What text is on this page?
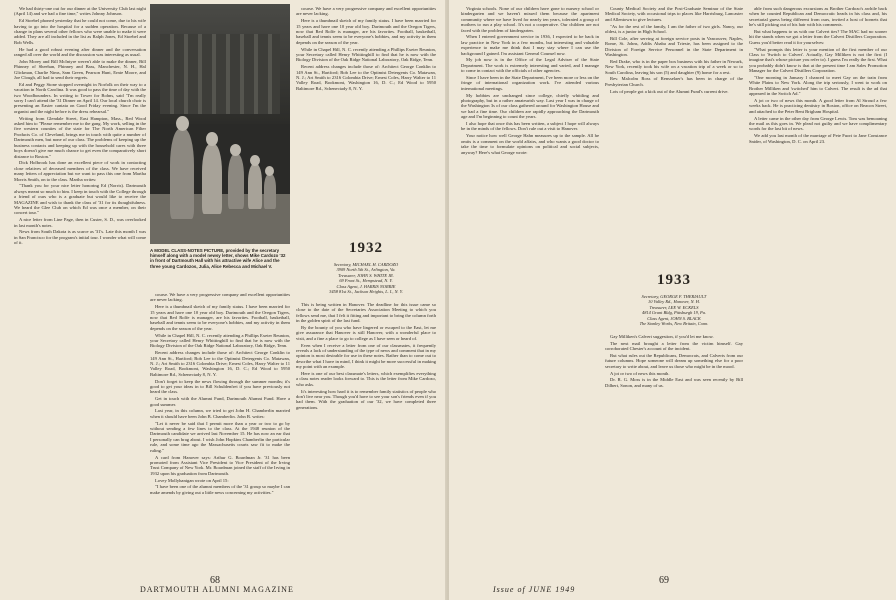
We had thirty-one out for our dinner at the University Club last night (April 14) and we had a fine time," writes Johnny Johnson.

Ed Stoebel phoned yesterday that he could not come, due to his wife having to go into the hospital for a sudden operation. Because of a change in plans several other fellows who were unable to make it were added. They are all included in the list as Ralph Jones, Ed Stoebel and Bob Wells.

He had a good robust evening after dinner and the conversation ranged all over the world and the discussion was interesting as usual.

John Morey and Bill McIntyre weren't able to make the dinner, Bill Phinney of Sheehan, Phinney and Bass, Manchester, N. H., Hal Glickman, Charlie Nims, Sam Green, Pearson Hunt, Ernie Moore, and Joe Clough, all had to send their regrets.

Ed and Peggy Stone stopped overnight in Norfolk on their way to a vacation in North Carolina. It was good to pass the time of day with the two Woodbounders. In writing to Tower for Bohns, said "I'm really sorry I can't attend the '31 Dinner on April 14. Our local church choir is presenting an Easter cantata on Good Friday evening. Since I'm the organist and the night before is the dress rehearsal."

Writing from Glendale Street, East Hampton, Mass., Red Wood asked him to "Please remember me to the gang. My work, selling in the five western counties of the state for The North American Filter Products Co. of Cleveland, brings me in touch with quite a number of Dartmouth men, but none of our class. The problems of keeping up the business contacts and keeping up with the household cares with three boys doesn't give me much chance to get even the comparatively short distance to Boston."

Dick Holbrook has done an excellent piece of work in contacting close relatives of deceased members of the class. We have received many letters of appreciation but we want to pass this one from Martha Morris Smith, on to the class. Martha writes:

"Thank you for your nice letter honoring Ed (Norris). Dartmouth always meant so much to him. I keep in touch with the College through a friend of ours who is a graduate but would like to receive the MAGAZINE and wish to thank the class of '31 for its thoughtfulness. We heard the Glee Club on which Ed was once a member, on their concert tour."

A nice letter from Line Page, then in Custer, S. D., was overlooked in last month's notes.

News from South Dakota is as scarce as '31's. Late this month I was in San Francisco for the program's initial tour. I wonder what will come of it.

A MODEL CLASS-NOTES PICTURE, provided by the secretary himself along with a model newsy letter, shows Mike Cardozo '32 in front of Dartmouth Hall with his attractive wife Alice and the three young Cardozos, Julia, Alice Rebecca and Michael V.

course. We have a very progressive company and excellent opportunities are never lacking.

Here is a thumbnail sketch of my family status. I have been married for 15 years and have one 10 year old boy. Dartmouth and the Oregon Tigers, now that Red Rolfe is manager, are his favorites. Football, basketball, baseball and tennis seem to be everyone's hobbies, and my activity in them depends on the season of the year.

While in Chapel Hill, N. C. recently attending a Phillips Exeter Reunion, your Secretary called Henry Whittinghill to find that he is now with the Biology Division of the Oak Ridge National Laboratory, Oak Ridge, Tenn.

Recent address changes include those of: Architect George Conklin to 149 Ann St., Hartford; Bob Lee to the Optimist Detergents Co. Matawan, N. J.; Art Smith to 2316 Colombia Drive; Ernest Coles, Harry Walter to 11 Valley Road, Bookmont, Washington 16, D. C.; Ed Wood to 5950 Baltimore Rd., Schenectady 8, N. Y.

Don't forget to keep the news flowing through the summer months; it's good to get your ideas in to Bill Schuldenfrei if you have previously not heard the class.

Get in touch with the Alumni Fund, Dartmouth Alumni Fund. Have a good summer.

Last year, in this column, we tried to get John H. Chamberlin married when it should have been John B. Chamberlin. John B. writes:

"Let it never be said that I permit more than a year or two to go by without sending a few lines to the class. At the 1948 reunion of the Dartmouth candidate we arrived last November 15. He has now an ear that I personally can brag about. I wish John Hopkins Chamberlin the particular rule, and some time ago the Massachusetts courts saw fit to make the ruling."

A card from Hanover says: Arthur G. Boardman Jr. '31 has been promoted from Assistant Vice President to Vice President of the Irving Trust Company of New York. Mr. Boardman joined the staff of the Irving in 1932 upon his graduation from Dartmouth.

Lovey Mollyhanigan wrote on April 15:

"I have been one of the alumni members of the '31 group so maybe I can make amends by giving out a little news concerning my activities."

course. We have a very progressive company and excellent opportunities are never lacking.

Here is a thumbnail sketch of my family status. I have been married for 15 years and have one 10 year old boy. Dartmouth and the Oregon Tigers, now that Red Rolfe is manager, are his favorites. Football, basketball, baseball and tennis seem to be everyone's hobbies, and my activity in them depends on the season of the year.

While in Chapel Hill, N. C. recently attending a Phillips Exeter Reunion, your Secretary called Henry Whittinghill to find that he is now with the Biology Division of the Oak Ridge National Laboratory, Oak Ridge, Tenn.

Recent address changes include those of: Architect George Conklin to 149 Ann St., Hartford; Bob Lee to the Optimist Detergents Co. Matawan, N. J.; Art Smith to 2316 Colombia Drive; Ernest Coles, Harry Walter to 11 Valley Road, Bookmont, Washington 16, D. C.; Ed Wood to 5950 Baltimore Rd., Schenectady 8, N. Y.

1932
Secretary, MICHAEL H. CARDOZO
3909 North 5th St., Arlington, Va.
Treasurer, JOHN S. WHITE JR.
69 Front St., Hempstead, N. Y.
Class Agent, J. HARRIS NORRIE
3458 81st St., Jackson Heights, L. I., N. Y.

This is being written in Hanover. The deadline for this issue came so close to the date of the Secretaries Association Meeting to which you fellows send me, that I felt it fitting and important to bring the column forth in the golden spirit of the last fund.

By the bounty of you who have lingered or escaped to the East, let me give assurance that Hanover is still Hanover, with a wonderful place to visit, and a fine a place to go to college as I have seen or heard of.

Even when I receive a letter from one of our classmates, it frequently reveals a lack of understanding of the type of news and comment that in my opinion is most desirable for use in these notes. Rather than to come out to describe what I have in mind, I think it might be more successful in making my point with an example.

Here is one of our best classmate's letters, which exemplifies everything a class notes reader looks forward to. This is the letter from Mike Cardozo, who asks.

It's interesting how hard it is to remember family statistics of people who don't live near you. Though you'd have to see your son's friends even if you had them. With the graduation of our '32, we have completed three generations.

68
DARTMOUTH ALUMNI MAGAZINE

Virginia schools. None of our children have gone to nursery school or kindergarten and we haven't missed them because the apartment community where we have lived for nearly ten years, tolerated a group of mothers to run a play school. It's not a cooperative. Our children are not faced with the problem of kindergarten.

When I entered government service in 1936, I expected to be back in law practice in New York in a few months, but interesting and valuable experience to make me think that I may stay where I can use the background I gained. I'm assistant General Counsel now.

My job now is in the Office of the Legal Adviser of the State Department. The work is extremely interesting and varied, and I manage to come in contact with the officials of other agencies.

Since I have been in the State Department, I've been more or less on the fringe of international organization work. I've attended various international meetings.

My hobbies are unchanged since college, chiefly whittling and photography, but in a rather amateurish way. Last year I was in charge of the Washington 3s of our class gathered around for Washington House and we had a fine time. Our children are rapidly approaching the Dartmouth age and I'm beginning to count the years.

I also hope that once this has been written, a subject I hope will always be in the minds of the fellows. Don't rule out a visit to Hanover.

Your notice how well George Hahn measures up to the sample. All he omits is a comment on the world affairs, and who wants a good doctor to take the time to formulate opinions on political and social subjects, anyway? Here's what George wrote:

County Medical Society and the Post-Graduate Seminar of the State Medical Society, with occasional trips to places like Harrisburg, Lancaster and Allentown to give lectures.

"As for the rest of the family, I am the father of two girls. Nancy, our oldest, is a junior in High School.

Bill Cole, after serving at foreign service posts in Vancouver, Naples, Rome, St. Johns, Addis Ababa and Trieste, has been assigned to the Division of Foreign Service Personnel in the State Department in Washington.

Red Drake, who is in the paper box business with his father in Newark, New York, recently took his wife on a vacation trip of a week or so to South Carolina, leaving his son (5) and daughter (9) home for a rest.

Rev. Malcolm Ross of Rensselaer's has been in charge of the Presbyterian Church.

Lots of people got a kick out of the Alumni Fund's current drive.

1933
Secretary, GEORGE F. THERIAULT
10 Valley Rd., Hanover, N. H.
Treasurer, LEE W. ECKELS
4814 Grant Bldg, Pittsburgh 19, Pa.
Class Agent, JOHN S. BLACK
The Stanley Works, New Britain, Conn.

Gay Milliken's Calvert suggestion, if you'd let me know.

The next mail brought a letter from the victim himself. Gay corroborated Chester's account of the incident.

But what rules out the Republicans, Democrats, and Calverts from our future columns. Hope someone will dream up something else for a poor secretary to write about, and leave us those who might be in the mood.

A jot or two of news this month.

Dr. R. G. Moss is in the Middle East and was seen recently by Bill Dilbert, Sonon, and many of us.

able from such dangerous excursions as Brother Cardozo's awhile back when he counted Republican and Democratic heads in his class and, his secretarial guess being different from ours, invited a host of hornets that he's still picking out of his hair with his comments.

But what happens to us with our Calvert ties? The MAC had no sooner hit the stands when we got a letter from the Calvert Distillers Corporation. Guess you'd better read it for yourselves:

"What prompts this letter is your mention of the first member of our Class to 'Switch to Calvert'. Actually, Gay Milliken is not the first (I imagine that's whose picture you refer to). I guess I'm really the first. What you probably didn't know is that at the present time I am Sales Promotion Manager for the Calvert Distillers Corporation.

"One morning in January I chanced to meet Gay on the train from White Plains to New York. Along the trip seriously, I went to work on Brother Milliken and 'switched' him to Calvert. The result is the ad that appeared in the Switch Ad."

A jot or two of news this month. A good letter from Al Stroud a few weeks back. He is practicing dentistry in Boston, office on Beacon Street, and attached to the Peter Bent Brigham Hospital.

A letter came in the other day from George Lewis. Tom was bemoaning the mail as this goes in. We plead not guilty and we have complimentary words for the last bit of news.

We add you last month of the marriage of Pete Fuori to Jane Constance Snider, of Washington, D. C. on April 23.

Issue of JUNE 1949
69
